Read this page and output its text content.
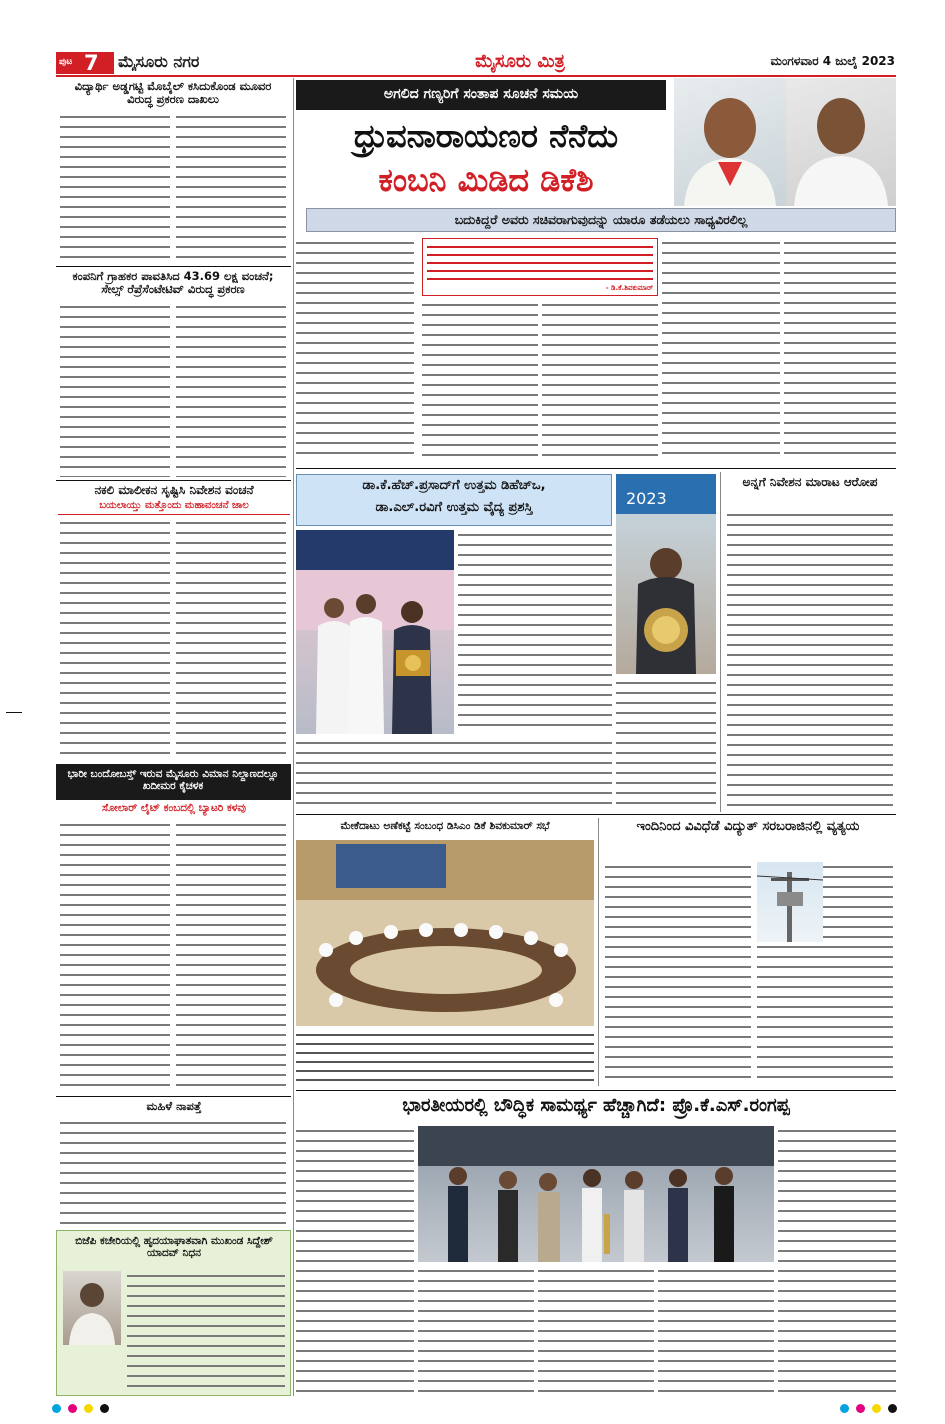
ಪುಟ 7 ಮೈಸೂರು ನಗರ	ಮೈಸೂರು ಮಿತ್ರ	ಮಂಗಳವಾರ 4 ಜುಲೈ 2023
ವಿದ್ಯಾರ್ಥಿ ಅಡ್ಡಗಟ್ಟಿ ಮೊಬೈಲ್ ಕಸಿದುಕೊಂಡ ಮೂವರ ವಿರುದ್ಧ ಪ್ರಕರಣ ದಾಖಲು
ಕಂಪನಿಗೆ ಗ್ರಾಹಕರ ಪಾವತಿಸಿದ 43.69 ಲಕ್ಷ ವಂಚನೆ; ಸೇಲ್ಸ್ ರೆಪ್ರೆಸೆಂಟೇಟಿವ್ ವಿರುದ್ಧ ಪ್ರಕರಣ
ನಕಲಿ ಮಾಲೀಕನ ಸೃಷ್ಟಿಸಿ ನಿವೇಶನ ವಂಚನೆ
ಬಯಲಾಯ್ತು ಮತ್ತೊಂದು ಮಹಾವಂಚನೆ ಜಾಲ
ಭಾರೀ ಬಂದೋಬಸ್ತ್ ಇರುವ ಮೈಸೂರು ವಿಮಾನ ನಿಲ್ದಾಣದಲ್ಲೂ ಖದೀಮರ ಕೈಚಳಕ
ಸೋಲಾರ್ ಲೈಟ್ ಕಂಬದಲ್ಲಿ ಬ್ಯಾಟರಿ ಕಳವು
ಮಹಿಳೆ ನಾಪತ್ತೆ
ಬಿಜೆಪಿ ಕಚೇರಿಯಲ್ಲಿ ಹೃದಯಾಘಾತವಾಗಿ ಮುಖಂಡ ಸಿದ್ದೇಶ್ ಯಾದವ್ ನಿಧನ
ಅಗಲಿದ ಗಣ್ಯರಿಗೆ ಸಂತಾಪ ಸೂಚನೆ ಸಮಯ
ಧ್ರುವನಾರಾಯಣರ ನೆನೆದು
ಕಂಬನಿ ಮಿಡಿದ ಡಿಕೆಶಿ
ಬದುಕಿದ್ದರೆ ಅವರು ಸಚಿವರಾಗುವುದನ್ನು ಯಾರೂ ತಡೆಯಲು ಸಾಧ್ಯವಿರಲಿಲ್ಲ
- ಡಿ.ಕೆ.ಶಿವಕುಮಾರ್
ಡಾ.ಕೆ.ಹೆಚ್.ಪ್ರಸಾದ್‌ಗೆ ಉತ್ತಮ ಡಿಹೆಚ್‌ಒ,
ಡಾ.ಎಲ್.ರವಿಗೆ ಉತ್ತಮ ವೈದ್ಯ ಪ್ರಶಸ್ತಿ	2023
ಅನ್ನಗೆ ನಿವೇಶನ ಮಾರಾಟ ಆರೋಪ
ಮೇಕೆದಾಟು ಅಣೆಕಟ್ಟೆ ಸಂಬಂಧ ಡಿಸಿಎಂ ಡಿಕೆ ಶಿವಕುಮಾರ್ ಸಭೆ	ಇಂದಿನಿಂದ ವಿವಿಧೆಡೆ ವಿದ್ಯುತ್ ಸರಬರಾಜಿನಲ್ಲಿ ವ್ಯತ್ಯಯ
ಭಾರತೀಯರಲ್ಲಿ ಬೌದ್ಧಿಕ ಸಾಮರ್ಥ್ಯ ಹೆಚ್ಚಾಗಿದೆ: ಪ್ರೊ.ಕೆ.ಎಸ್.ರಂಗಪ್ಪ
